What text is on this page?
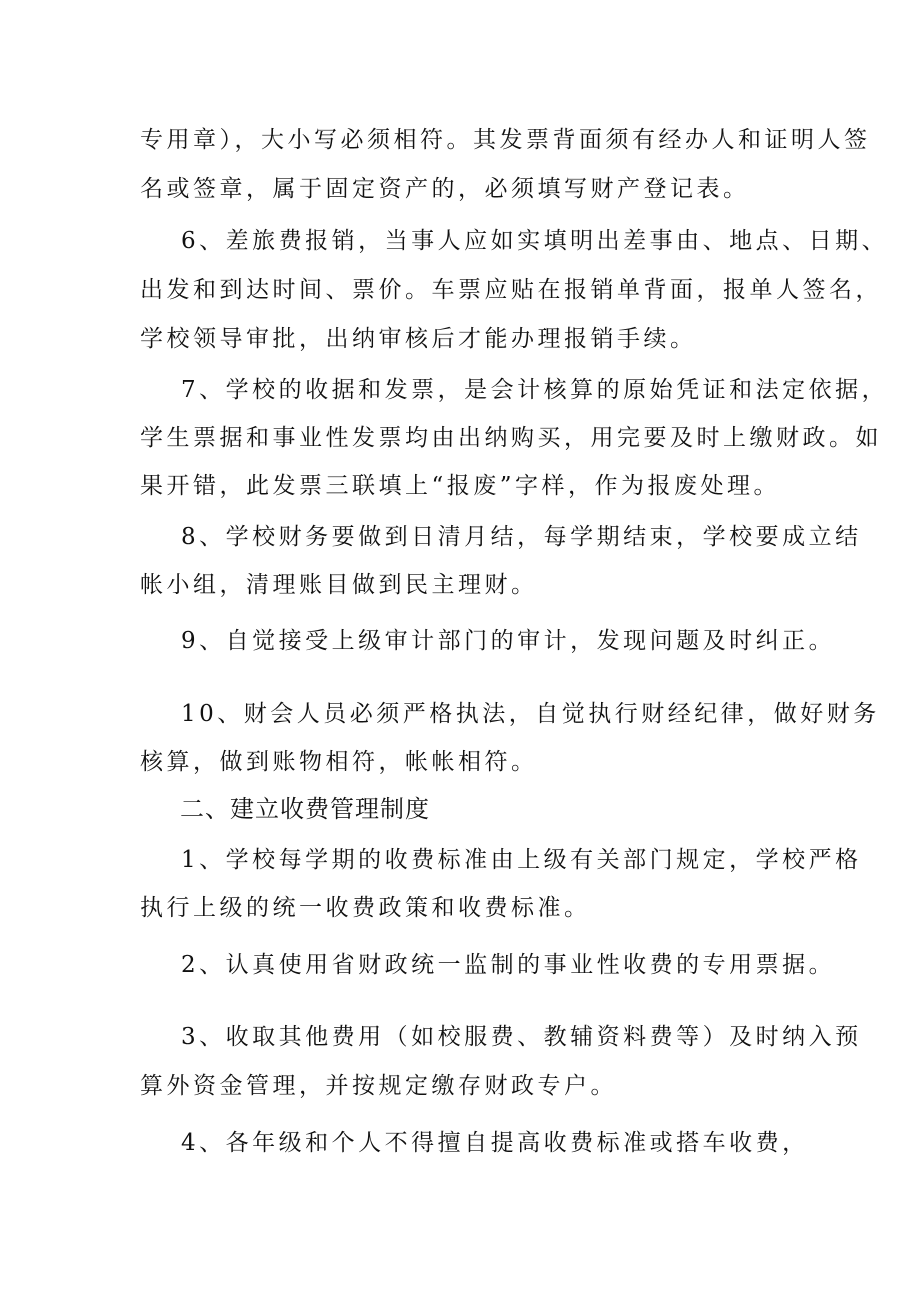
专用章），大小写必须相符。其发票背面须有经办人和证明人签
名或签章，属于固定资产的，必须填写财产登记表。
6、差旅费报销，当事人应如实填明出差事由、地点、日期、
出发和到达时间、票价。车票应贴在报销单背面，报单人签名，
学校领导审批，出纳审核后才能办理报销手续。
7、学校的收据和发票，是会计核算的原始凭证和法定依据，
学生票据和事业性发票均由出纳购买，用完要及时上缴财政。如
果开错，此发票三联填上“报废”字样，作为报废处理。
8、学校财务要做到日清月结，每学期结束，学校要成立结
帐小组，清理账目做到民主理财。
9、自觉接受上级审计部门的审计，发现问题及时纠正。
10、财会人员必须严格执法，自觉执行财经纪律，做好财务
核算，做到账物相符，帐帐相符。
二、建立收费管理制度
1、学校每学期的收费标准由上级有关部门规定，学校严格
执行上级的统一收费政策和收费标准。
2、认真使用省财政统一监制的事业性收费的专用票据。
3、收取其他费用（如校服费、教辅资料费等）及时纳入预
算外资金管理，并按规定缴存财政专户。
4、各年级和个人不得擅自提高收费标准或搭车收费，
